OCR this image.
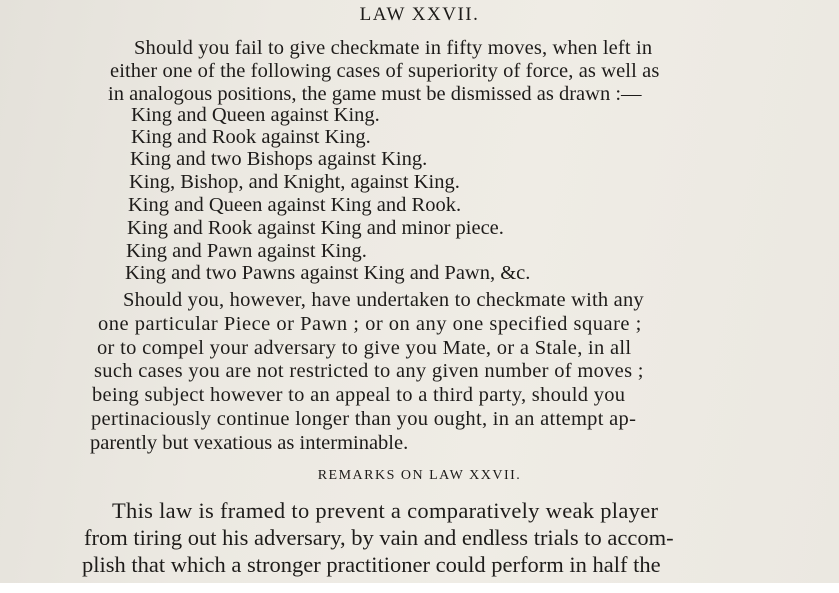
LAW XXVII.
Should you fail to give checkmate in fifty moves, when left in
either one of the following cases of superiority of force, as well as
in analogous positions, the game must be dismissed as drawn :—
King and Queen against King.
King and Rook against King.
King and two Bishops against King.
King, Bishop, and Knight, against King.
King and Queen against King and Rook.
King and Rook against King and minor piece.
King and Pawn against King.
King and two Pawns against King and Pawn, &c.
Should you, however, have undertaken to checkmate with any
one particular Piece or Pawn ; or on any one specified square ;
or to compel your adversary to give you Mate, or a Stale, in all
such cases you are not restricted to any given number of moves ;
being subject however to an appeal to a third party, should you
pertinaciously continue longer than you ought, in an attempt ap-
parently but vexatious as interminable.
REMARKS ON LAW XXVII.
This law is framed to prevent a comparatively weak player
from tiring out his adversary, by vain and endless trials to accom-
plish that which a stronger practitioner could perform in half the
